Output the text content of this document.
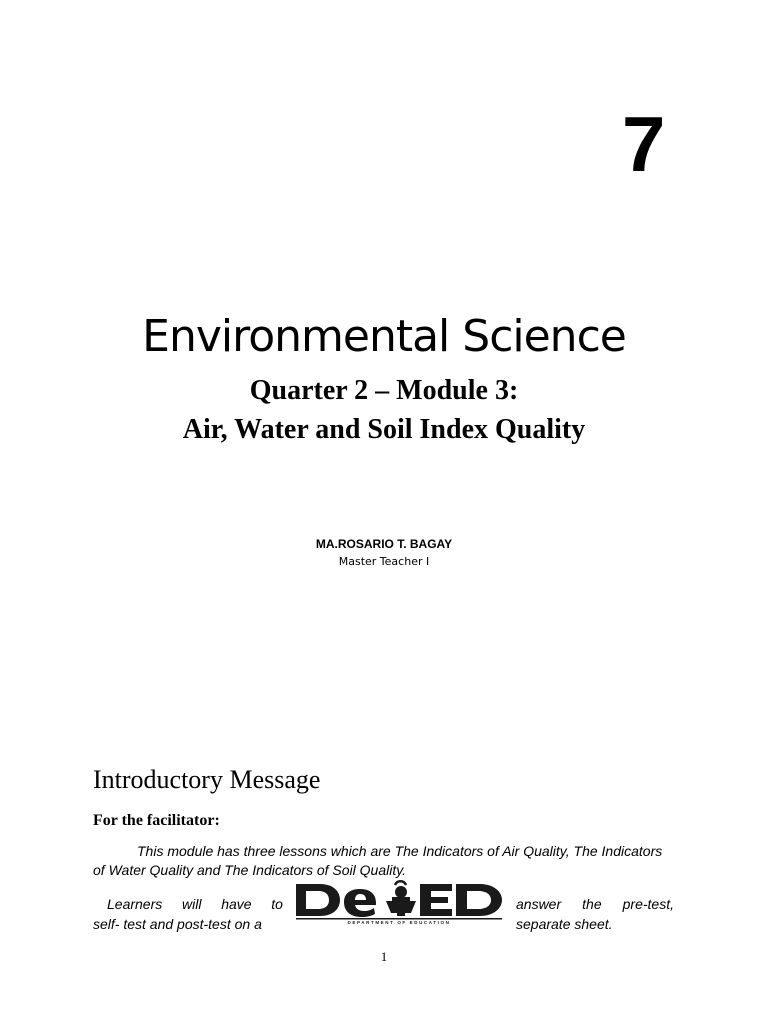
7
Environmental Science
Quarter 2 – Module 3:
Air, Water and Soil Index Quality
MA.ROSARIO T. BAGAY
Master Teacher I
Introductory Message
For the facilitator:
This module has three lessons which are The Indicators of Air Quality, The Indicators of Water Quality and The Indicators of Soil Quality.
Learners will have to
self- test and post-test on a	DEPARTMENT OF EDUCATION
answer the pre-test,
separate sheet.
1
